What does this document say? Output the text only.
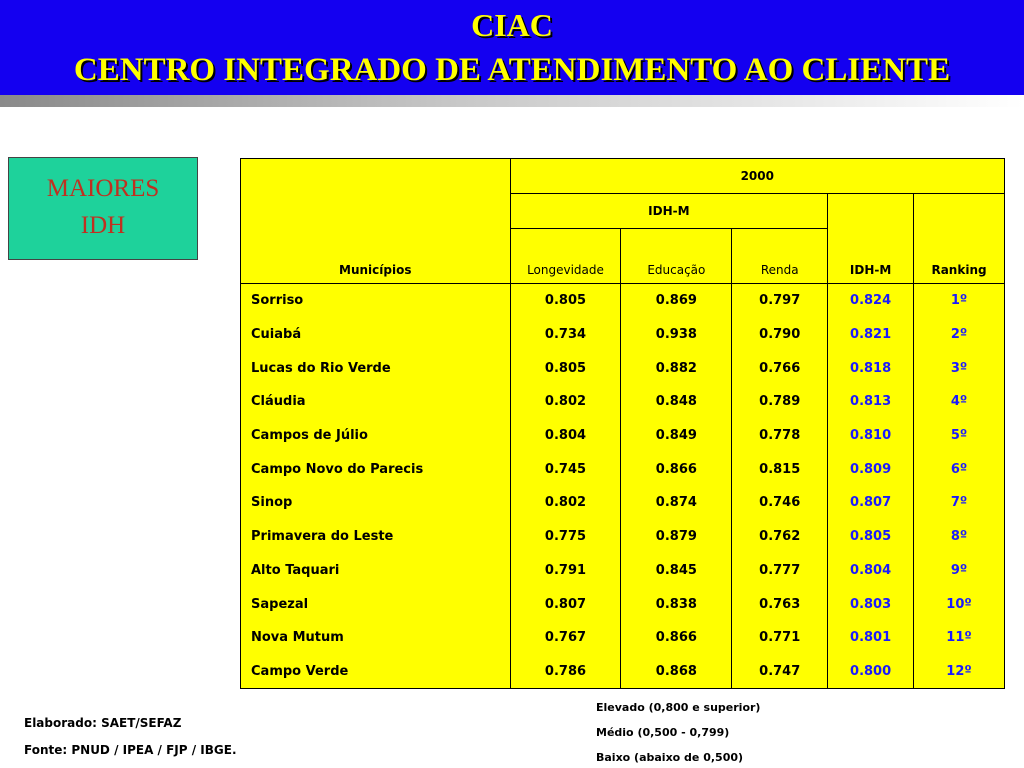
CIAC
CENTRO INTEGRADO DE ATENDIMENTO AO CLIENTE
MAIORES
IDH
Municípios	2000				
	IDH-M			IDH-M	Ranking
	Longevidade	Educação	Renda		
Sorriso	0.805	0.869	0.797	0.824	1º
Cuiabá	0.734	0.938	0.790	0.821	2º
Lucas do Rio Verde	0.805	0.882	0.766	0.818	3º
Cláudia	0.802	0.848	0.789	0.813	4º
Campos de Júlio	0.804	0.849	0.778	0.810	5º
Campo Novo do Parecis	0.745	0.866	0.815	0.809	6º
Sinop	0.802	0.874	0.746	0.807	7º
Primavera do Leste	0.775	0.879	0.762	0.805	8º
Alto Taquari	0.791	0.845	0.777	0.804	9º
Sapezal	0.807	0.838	0.763	0.803	10º
Nova Mutum	0.767	0.866	0.771	0.801	11º
Campo Verde	0.786	0.868	0.747	0.800	12º
Elaborado: SAET/SEFAZ
Fonte: PNUD / IPEA / FJP / IBGE.
Elevado (0,800 e superior)
Médio (0,500 - 0,799)
Baixo (abaixo de 0,500)
